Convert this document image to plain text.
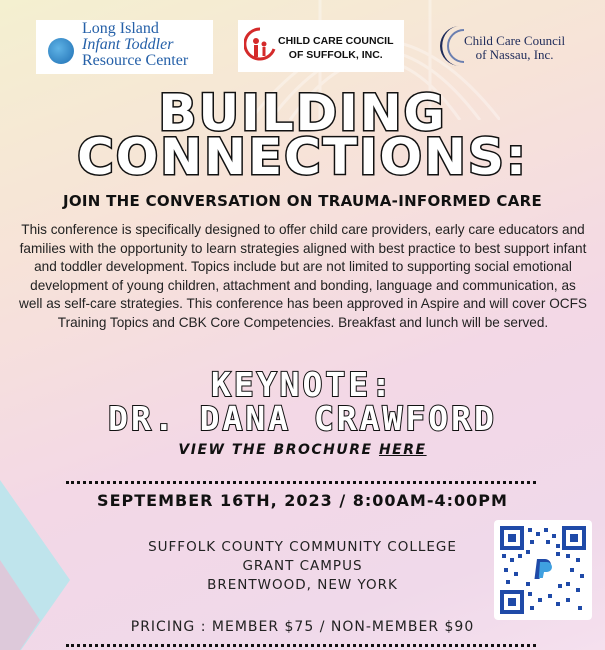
Long Island
Infant Toddler
Resource Center
CHILD CARE COUNCIL
OF SUFFOLK, INC.
Child Care Council
of Nassau, Inc.
BUILDING
CONNECTIONS:
JOIN THE CONVERSATION ON TRAUMA-INFORMED CARE

This conference is specifically designed to offer child care providers, early care educators and families with the opportunity to learn strategies aligned with best practice to best support infant and toddler development. Topics include but are not limited to supporting social emotional development of young children, attachment and bonding, language and communication, as well as self-care strategies. This conference has been approved in Aspire and will cover OCFS Training Topics and CBK Core Competencies. Breakfast and lunch will be served.

KEYNOTE:
DR. DANA CRAWFORD
VIEW THE BROCHURE HERE
SEPTEMBER 16TH, 2023 / 8:00AM-4:00PM
SUFFOLK COUNTY COMMUNITY COLLEGE
GRANT CAMPUS
BRENTWOOD, NEW YORK
PRICING : MEMBER $75 / NON-MEMBER $90
